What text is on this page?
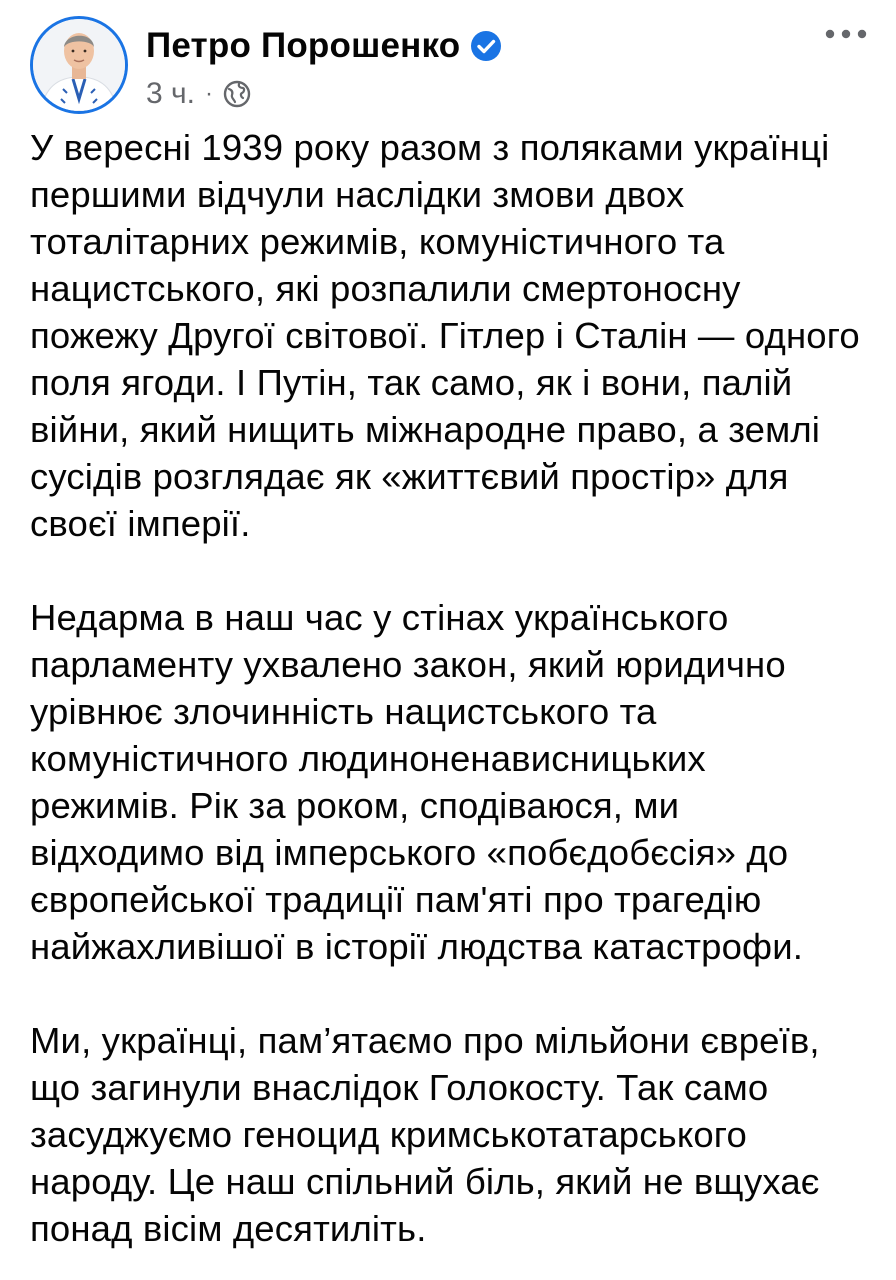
Петро Порошенко
3 ч. ·
У вересні 1939 року разом з поляками українці
першими відчули наслідки змови двох
тоталітарних режимів, комуністичного та
нацистського, які розпалили смертоносну
пожежу Другої світової. Гітлер і Сталін — одного
поля ягоди. І Путін, так само, як і вони, палій
війни, який нищить міжнародне право, а землі
сусідів розглядає як «життєвий простір» для
своєї імперії.
Недарма в наш час у стінах українського
парламенту ухвалено закон, який юридично
урівнює злочинність нацистського та
комуністичного людиноненависницьких
режимів. Рік за роком, сподіваюся, ми
відходимо від імперського «побєдобєсія» до
європейської традиції пам'яті про трагедію
найжахливішої в історії людства катастрофи.
Ми, українці, пам’ятаємо про мільйони євреїв,
що загинули внаслідок Голокосту. Так само
засуджуємо геноцид кримськотатарського
народу. Це наш спільний біль, який не вщухає
понад вісім десятиліть.
